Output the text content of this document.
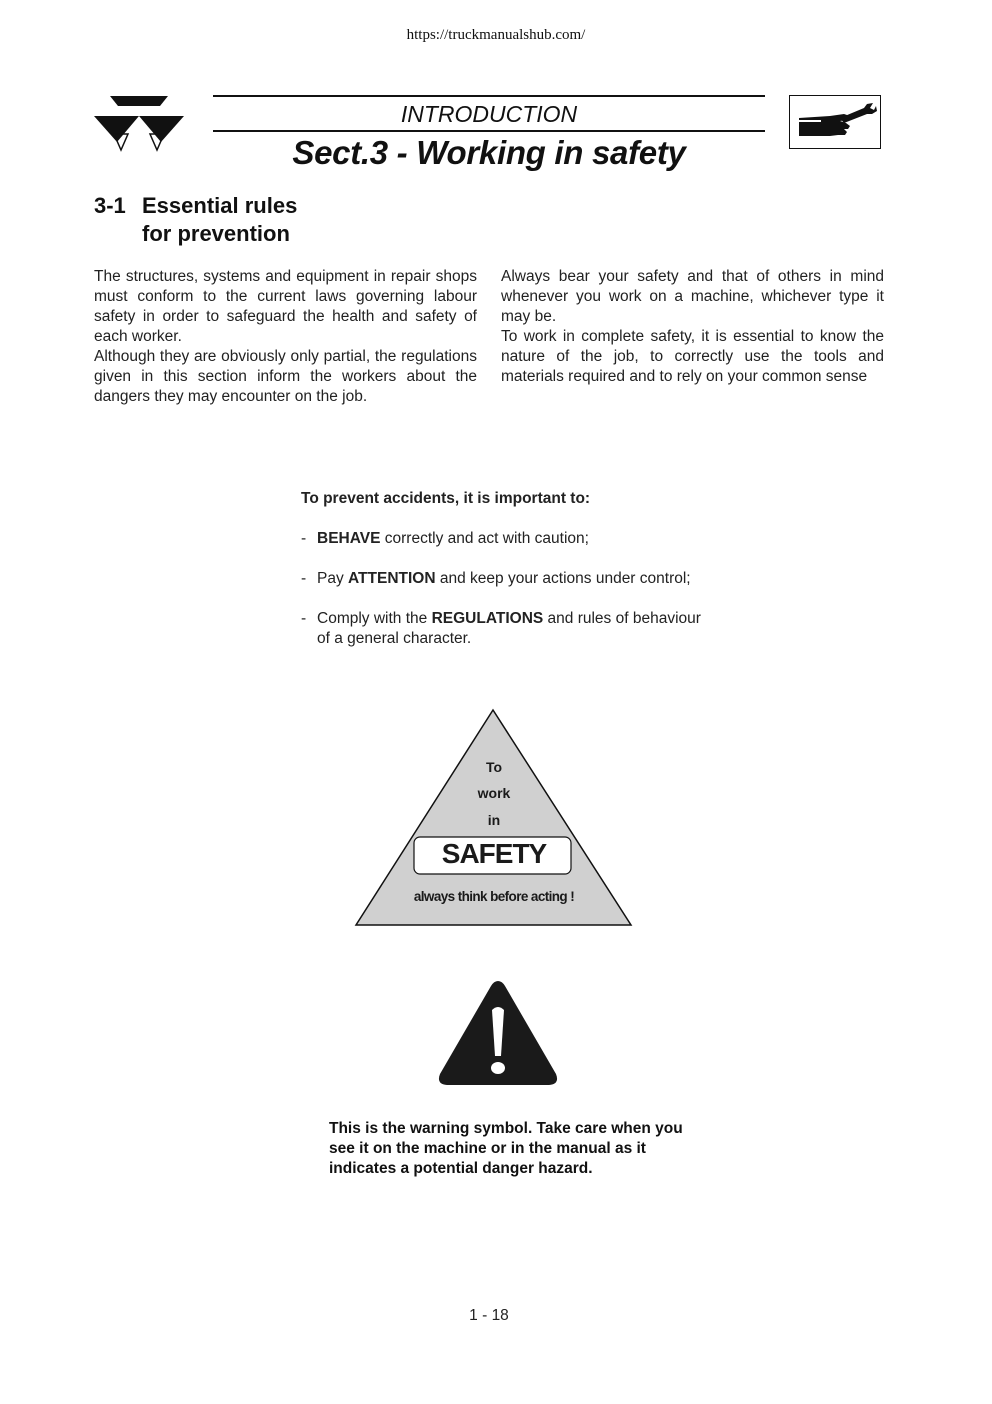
https://truckmanualshub.com/
INTRODUCTION
Sect.3 - Working in safety
3-1 Essential rules
for prevention

The structures, systems and equipment in repair shops must conform to the current laws governing labour safety in order to safeguard the health and safety of each worker.

Although they are obviously only partial, the regulations given in this section inform the workers about the dangers they may encounter on the job.

Always bear your safety and that of others in mind whenever you work on a machine, whichever type it may be.

To work in complete safety, it is essential to know the nature of the job, to correctly use the tools and materials required and to rely on your common sense

To prevent accidents, it is important to:
- BEHAVE correctly and act with caution;
- Pay ATTENTION and keep your actions under control;
- Comply with the REGULATIONS and rules of behaviour of a general character.
To
work
in
SAFETY
always think before acting !
This is the warning symbol. Take care when you see it on the machine or in the manual as it indicates a potential danger hazard.
1 - 18
